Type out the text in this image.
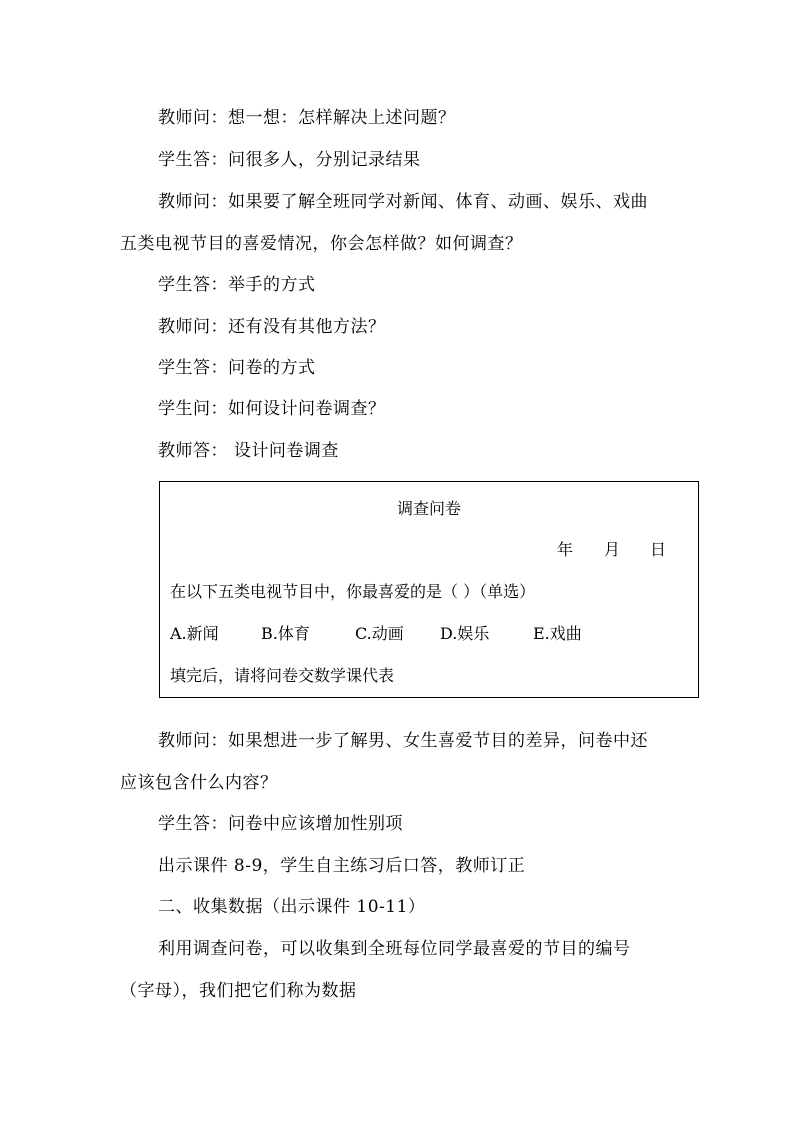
教师问：想一想：怎样解决上述问题？
学生答：问很多人，分别记录结果
教师问：如果要了解全班同学对新闻、体育、动画、娱乐、戏曲
五类电视节目的喜爱情况，你会怎样做？如何调查？
学生答：举手的方式
教师问：还有没有其他方法？
学生答：问卷的方式
学生问：如何设计问卷调查？
教师答： 设计问卷调查
调查问卷
年 月 日
在以下五类电视节目中，你最喜爱的是（ ）（单选）
A.新闻	B.体育	C.动画 D.娱乐	E.戏曲
填完后，请将问卷交数学课代表
教师问：如果想进一步了解男、女生喜爱节目的差异，问卷中还
应该包含什么内容？
学生答：问卷中应该增加性别项
出示课件 8-9，学生自主练习后口答，教师订正
二、收集数据（出示课件 10-11）
利用调查问卷，可以收集到全班每位同学最喜爱的节目的编号
（字母），我们把它们称为数据
